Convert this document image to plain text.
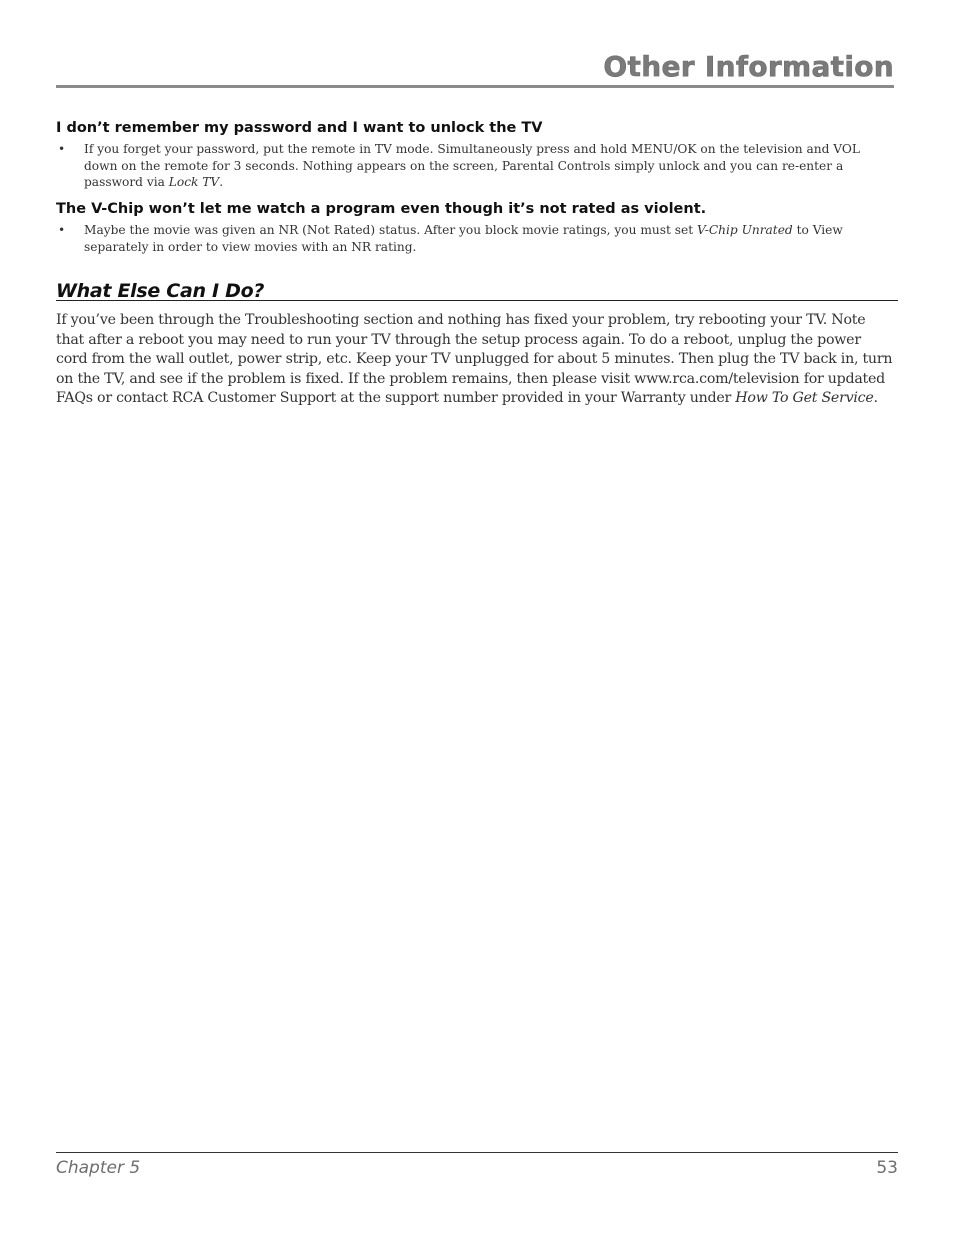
Other Information
I don’t remember my password and I want to unlock the TV
• If you forget your password, put the remote in TV mode. Simultaneously press and hold MENU/OK on the television and VOL down on the remote for 3 seconds. Nothing appears on the screen, Parental Controls simply unlock and you can re-enter a password via Lock TV.
The V-Chip won’t let me watch a program even though it’s not rated as violent.
• Maybe the movie was given an NR (Not Rated) status. After you block movie ratings, you must set V-Chip Unrated to View separately in order to view movies with an NR rating.
What Else Can I Do?
If you’ve been through the Troubleshooting section and nothing has fixed your problem, try rebooting your TV. Note that after a reboot you may need to run your TV through the setup process again. To do a reboot, unplug the power cord from the wall outlet, power strip, etc. Keep your TV unplugged for about 5 minutes. Then plug the TV back in, turn on the TV, and see if the problem is fixed. If the problem remains, then please visit www.rca.com/television for updated FAQs or contact RCA Customer Support at the support number provided in your Warranty under How To Get Service.
Chapter 5	53
